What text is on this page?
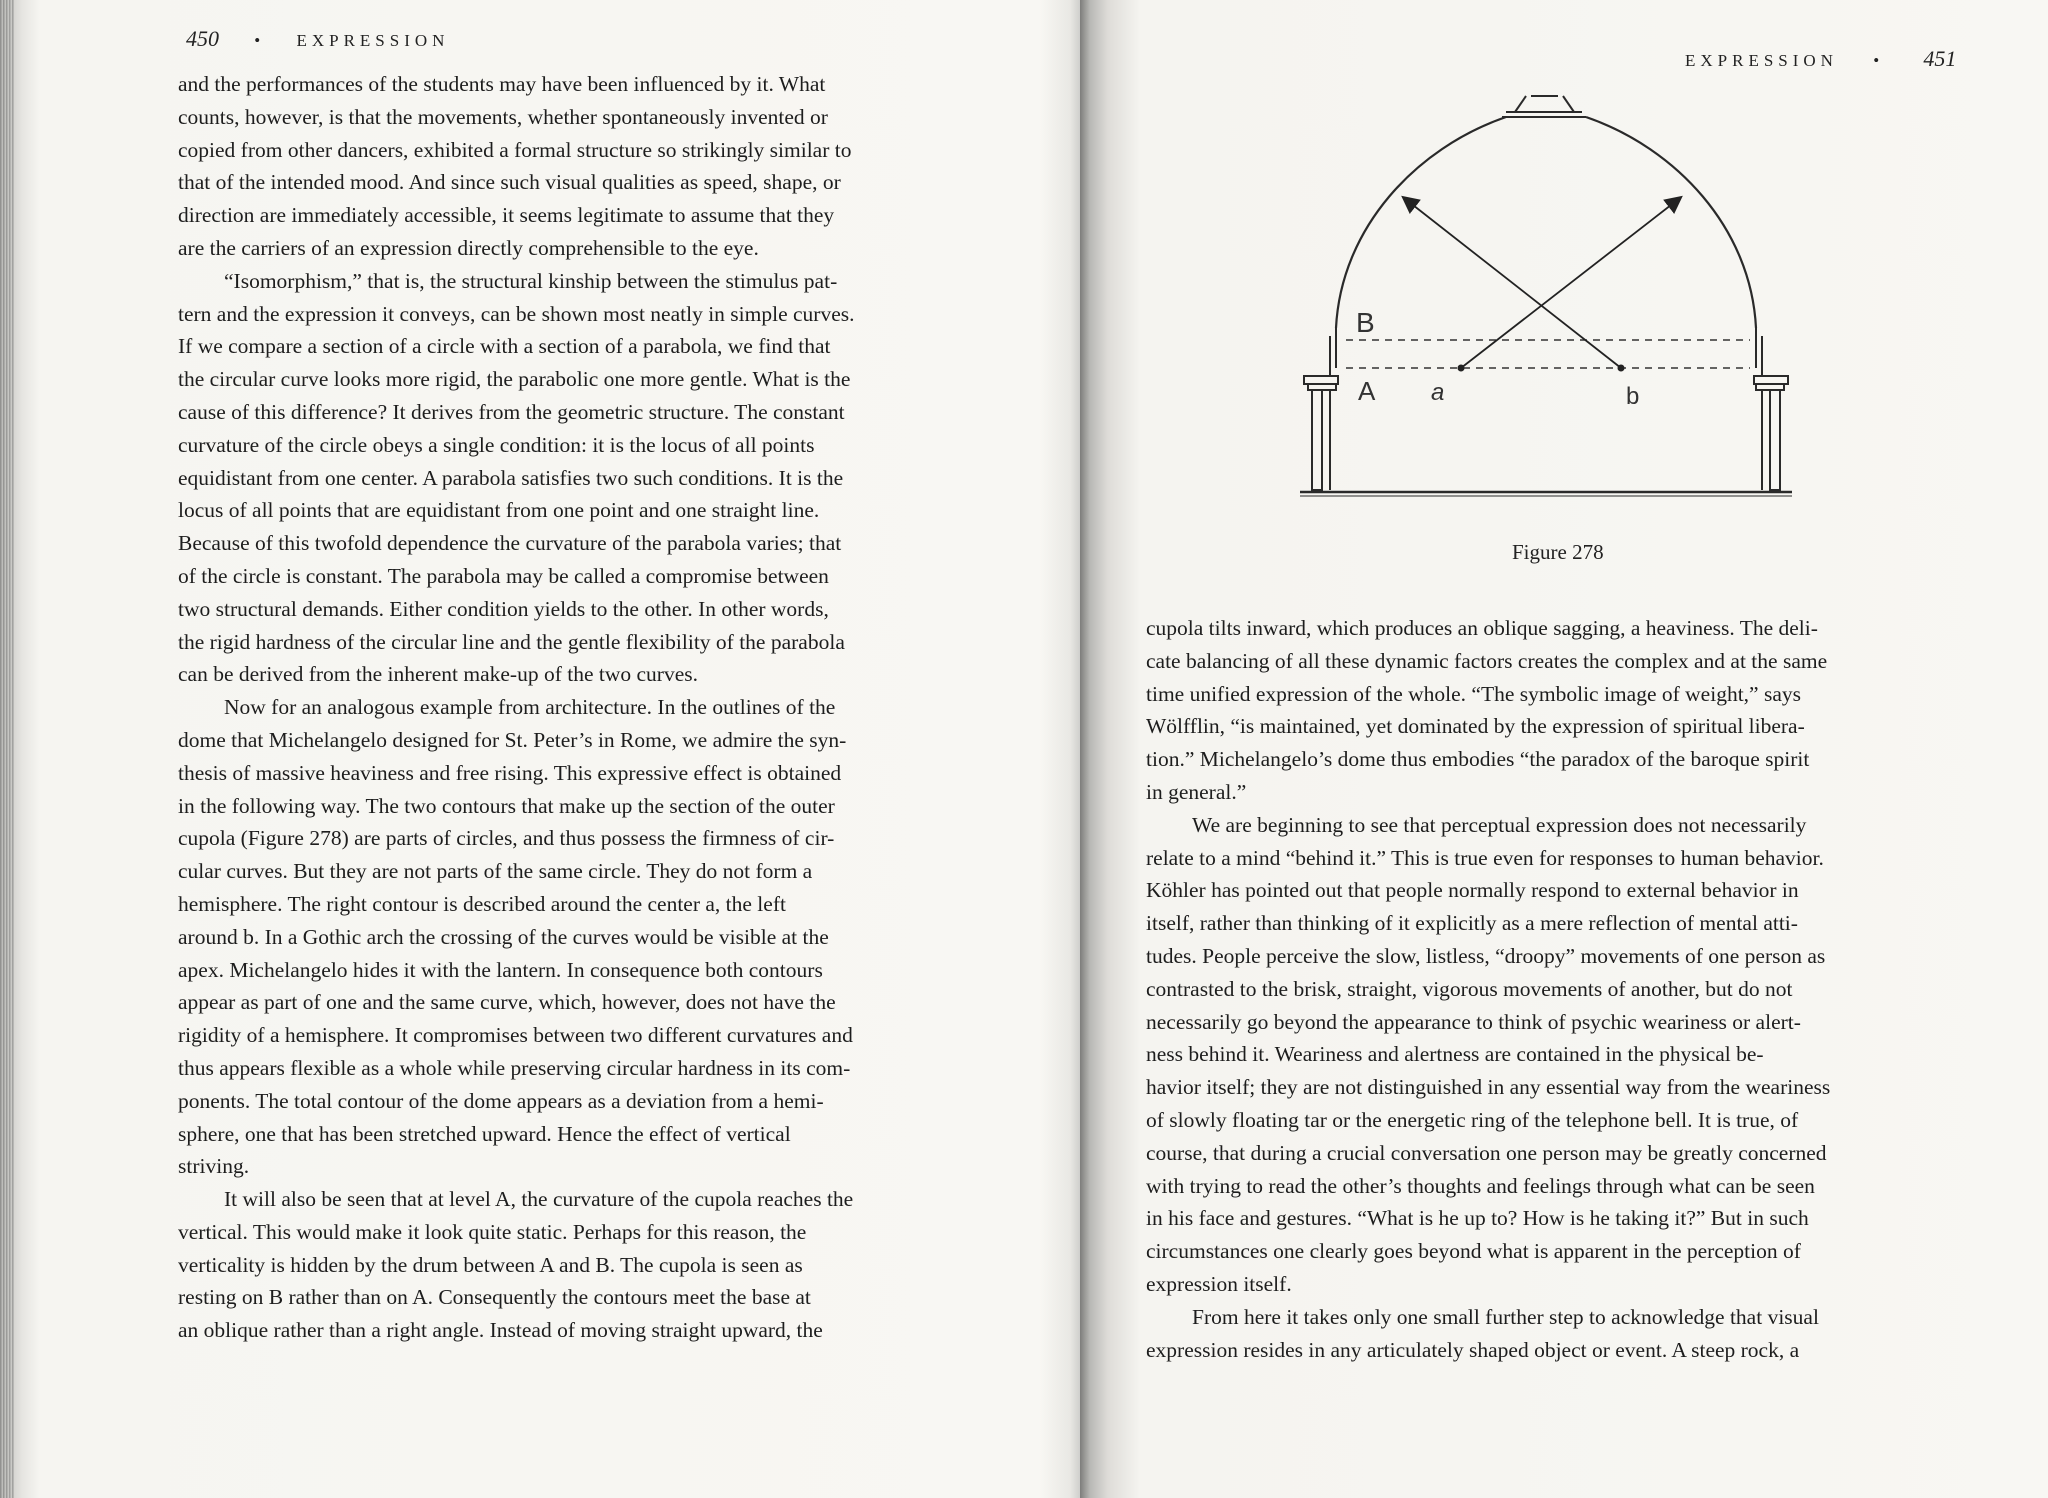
450 • EXPRESSION
and the performances of the students may have been influenced by it. What
counts, however, is that the movements, whether spontaneously invented or
copied from other dancers, exhibited a formal structure so strikingly similar to
that of the intended mood. And since such visual qualities as speed, shape, or
direction are immediately accessible, it seems legitimate to assume that they
are the carriers of an expression directly comprehensible to the eye.
“Isomorphism,” that is, the structural kinship between the stimulus pat-
tern and the expression it conveys, can be shown most neatly in simple curves.
If we compare a section of a circle with a section of a parabola, we find that
the circular curve looks more rigid, the parabolic one more gentle. What is the
cause of this difference? It derives from the geometric structure. The constant
curvature of the circle obeys a single condition: it is the locus of all points
equidistant from one center. A parabola satisfies two such conditions. It is the
locus of all points that are equidistant from one point and one straight line.
Because of this twofold dependence the curvature of the parabola varies; that
of the circle is constant. The parabola may be called a compromise between
two structural demands. Either condition yields to the other. In other words,
the rigid hardness of the circular line and the gentle flexibility of the parabola
can be derived from the inherent make-up of the two curves.
Now for an analogous example from architecture. In the outlines of the
dome that Michelangelo designed for St. Peter’s in Rome, we admire the syn-
thesis of massive heaviness and free rising. This expressive effect is obtained
in the following way. The two contours that make up the section of the outer
cupola (Figure 278) are parts of circles, and thus possess the firmness of cir-
cular curves. But they are not parts of the same circle. They do not form a
hemisphere. The right contour is described around the center a, the left
around b. In a Gothic arch the crossing of the curves would be visible at the
apex. Michelangelo hides it with the lantern. In consequence both contours
appear as part of one and the same curve, which, however, does not have the
rigidity of a hemisphere. It compromises between two different curvatures and
thus appears flexible as a whole while preserving circular hardness in its com-
ponents. The total contour of the dome appears as a deviation from a hemi-
sphere, one that has been stretched upward. Hence the effect of vertical
striving.
It will also be seen that at level A, the curvature of the cupola reaches the
vertical. This would make it look quite static. Perhaps for this reason, the
verticality is hidden by the drum between A and B. The cupola is seen as
resting on B rather than on A. Consequently the contours meet the base at
an oblique rather than a right angle. Instead of moving straight upward, the
EXPRESSION • 451
B
A a	b
Figure 278
cupola tilts inward, which produces an oblique sagging, a heaviness. The deli-
cate balancing of all these dynamic factors creates the complex and at the same
time unified expression of the whole. “The symbolic image of weight,” says
Wölfflin, “is maintained, yet dominated by the expression of spiritual libera-
tion.” Michelangelo’s dome thus embodies “the paradox of the baroque spirit
in general.”
We are beginning to see that perceptual expression does not necessarily
relate to a mind “behind it.” This is true even for responses to human behavior.
Köhler has pointed out that people normally respond to external behavior in
itself, rather than thinking of it explicitly as a mere reflection of mental atti-
tudes. People perceive the slow, listless, “droopy” movements of one person as
contrasted to the brisk, straight, vigorous movements of another, but do not
necessarily go beyond the appearance to think of psychic weariness or alert-
ness behind it. Weariness and alertness are contained in the physical be-
havior itself; they are not distinguished in any essential way from the weariness
of slowly floating tar or the energetic ring of the telephone bell. It is true, of
course, that during a crucial conversation one person may be greatly concerned
with trying to read the other’s thoughts and feelings through what can be seen
in his face and gestures. “What is he up to? How is he taking it?” But in such
circumstances one clearly goes beyond what is apparent in the perception of
expression itself.
From here it takes only one small further step to acknowledge that visual
expression resides in any articulately shaped object or event. A steep rock, a
